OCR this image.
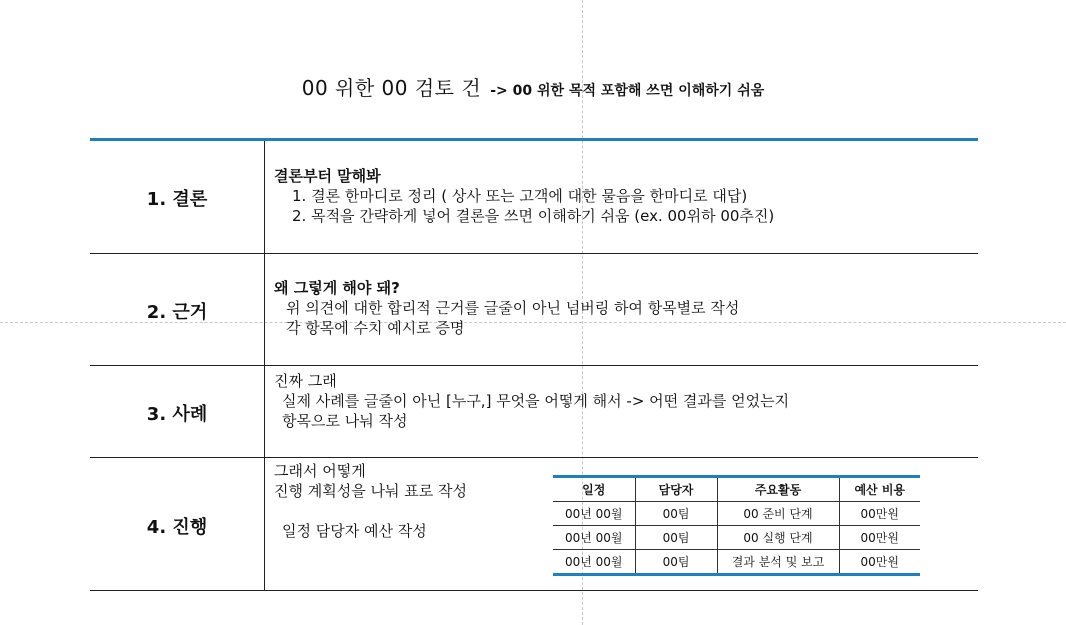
00 위한 00 검토 건 -> 00 위한 목적 포함해 쓰면 이해하기 쉬움
1. 결론
결론부터 말해봐
1. 결론 한마디로 정리 ( 상사 또는 고객에 대한 물음을 한마디로 대답)
2. 목적을 간략하게 넣어 결론을 쓰면 이해하기 쉬움 (ex. 00위하 00추진)
2. 근거
왜 그렇게 해야 돼?
위 의견에 대한 합리적 근거를 글줄이 아닌 넘버링 하여 항목별로 작성
각 항목에 수치 예시로 증명
3. 사례
진짜 그래
실제 사례를 글줄이 아닌 [누구,] 무엇을 어떻게 해서 -> 어떤 결과를 얻었는지
항목으로 나눠 작성
4. 진행
그래서 어떻게
진행 계획성을 나눠 표로 작성
일정 담당자 예산 작성
일정	담당자	주요활동	예산 비용
00년 00월	00팀	00 준비 단계	00만원
00년 00월	00팀	00 실행 단계	00만원
00년 00월	00팀	결과 분석 및 보고	00만원
